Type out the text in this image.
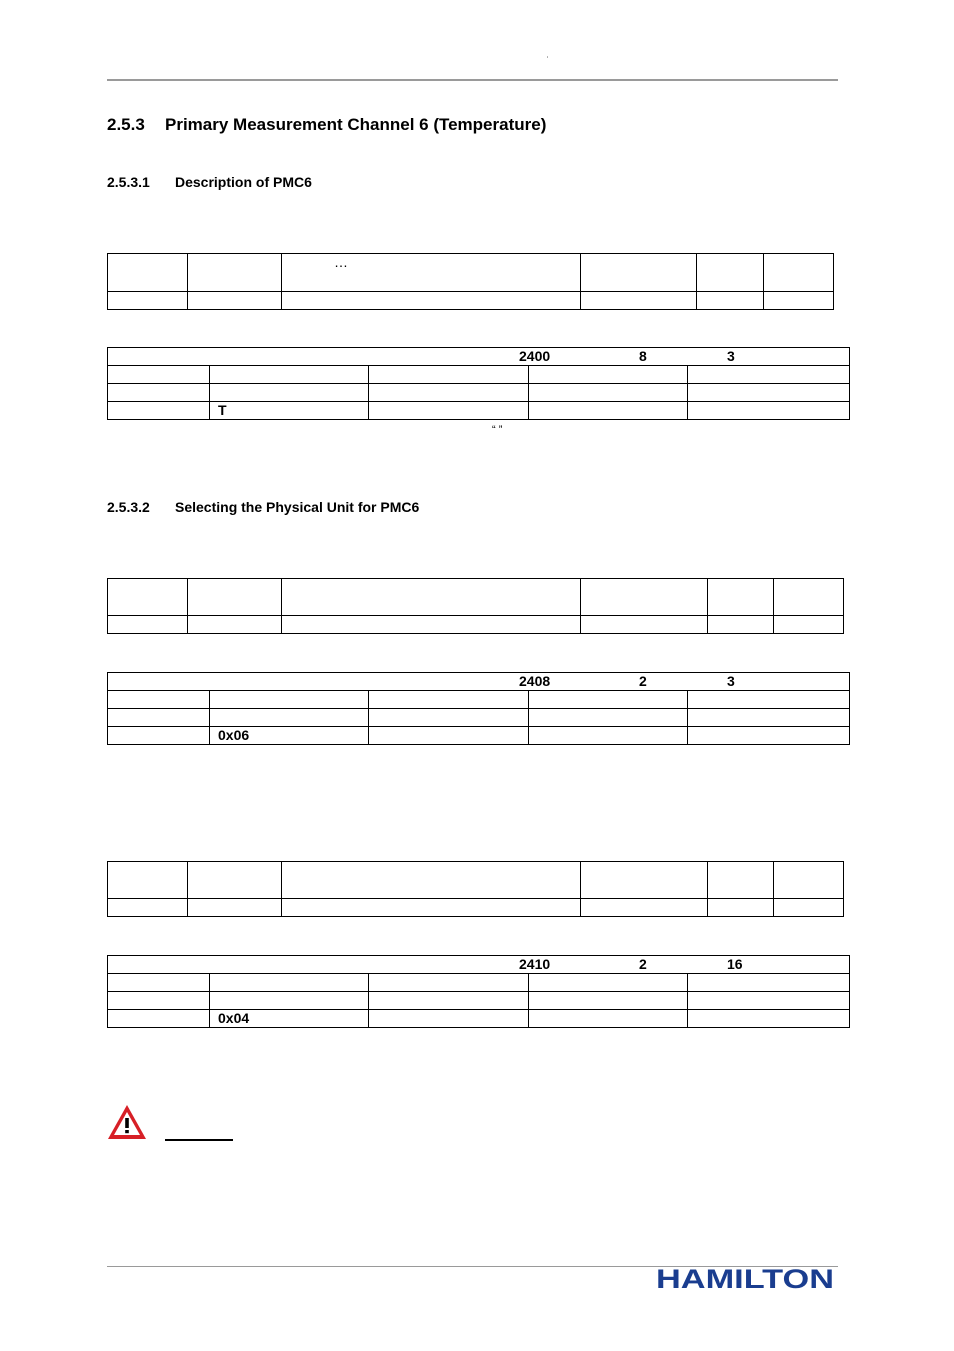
’
2.5.3 Primary Measurement Channel 6 (Temperature)
2.5.3.1 Description of PMC6
		…			

2400 8 3				

	T			
“ ”
2.5.3.2 Selecting the Physical Unit for PMC6

2408 2 3				

	0x06			

2410 2 16				

	0x04			
HAMILTON
